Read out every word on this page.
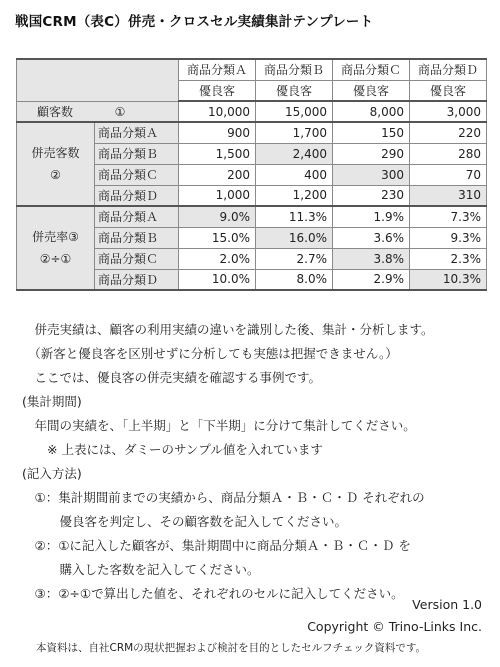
戦国CRM（表C）併売・クロスセル実績集計テンプレート
		商品分類Ａ	商品分類Ｂ	商品分類Ｃ	商品分類Ｄ
		優良客	優良客	優良客	優良客
顧客数 ①		10,000	15,000	8,000	3,000

併売客数
②	商品分類Ａ	900	1,700	150	220
	商品分類Ｂ	1,500	2,400	290	280
	商品分類Ｃ	200	400	300	70
	商品分類Ｄ	1,000	1,200	230	310

併売率③
②÷①	商品分類Ａ	9.0%	11.3%	1.9%	7.3%
	商品分類Ｂ	15.0%	16.0%	3.6%	9.3%
	商品分類Ｃ	2.0%	2.7%	3.8%	2.3%
	商品分類Ｄ	10.0%	8.0%	2.9%	10.3%
　併売実績は、顧客の利用実績の違いを識別した後、集計・分析します。
　（新客と優良客を区別せずに分析しても実態は把握できません。）
　ここでは、優良客の併売実績を確認する事例です。
(集計期間)
　年間の実績を、「上半期」と「下半期」に分けて集計してください。
　　※ 上表には、ダミーのサンプル値を入れています
(記入方法)
　①：集計期間前までの実績から、商品分類Ａ・Ｂ・Ｃ・Ｄ それぞれの
　　　優良客を判定し、その顧客数を記入してください。
　②：①に記入した顧客が、集計期間中に商品分類Ａ・Ｂ・Ｃ・Ｄ を
　　　購入した客数を記入してください。
　③：②÷①で算出した値を、それぞれのセルに記入してください。
Version 1.0
Copyright © Trino-Links Inc.
本資料は、自社CRMの現状把握および検討を目的としたセルフチェック資料です。
